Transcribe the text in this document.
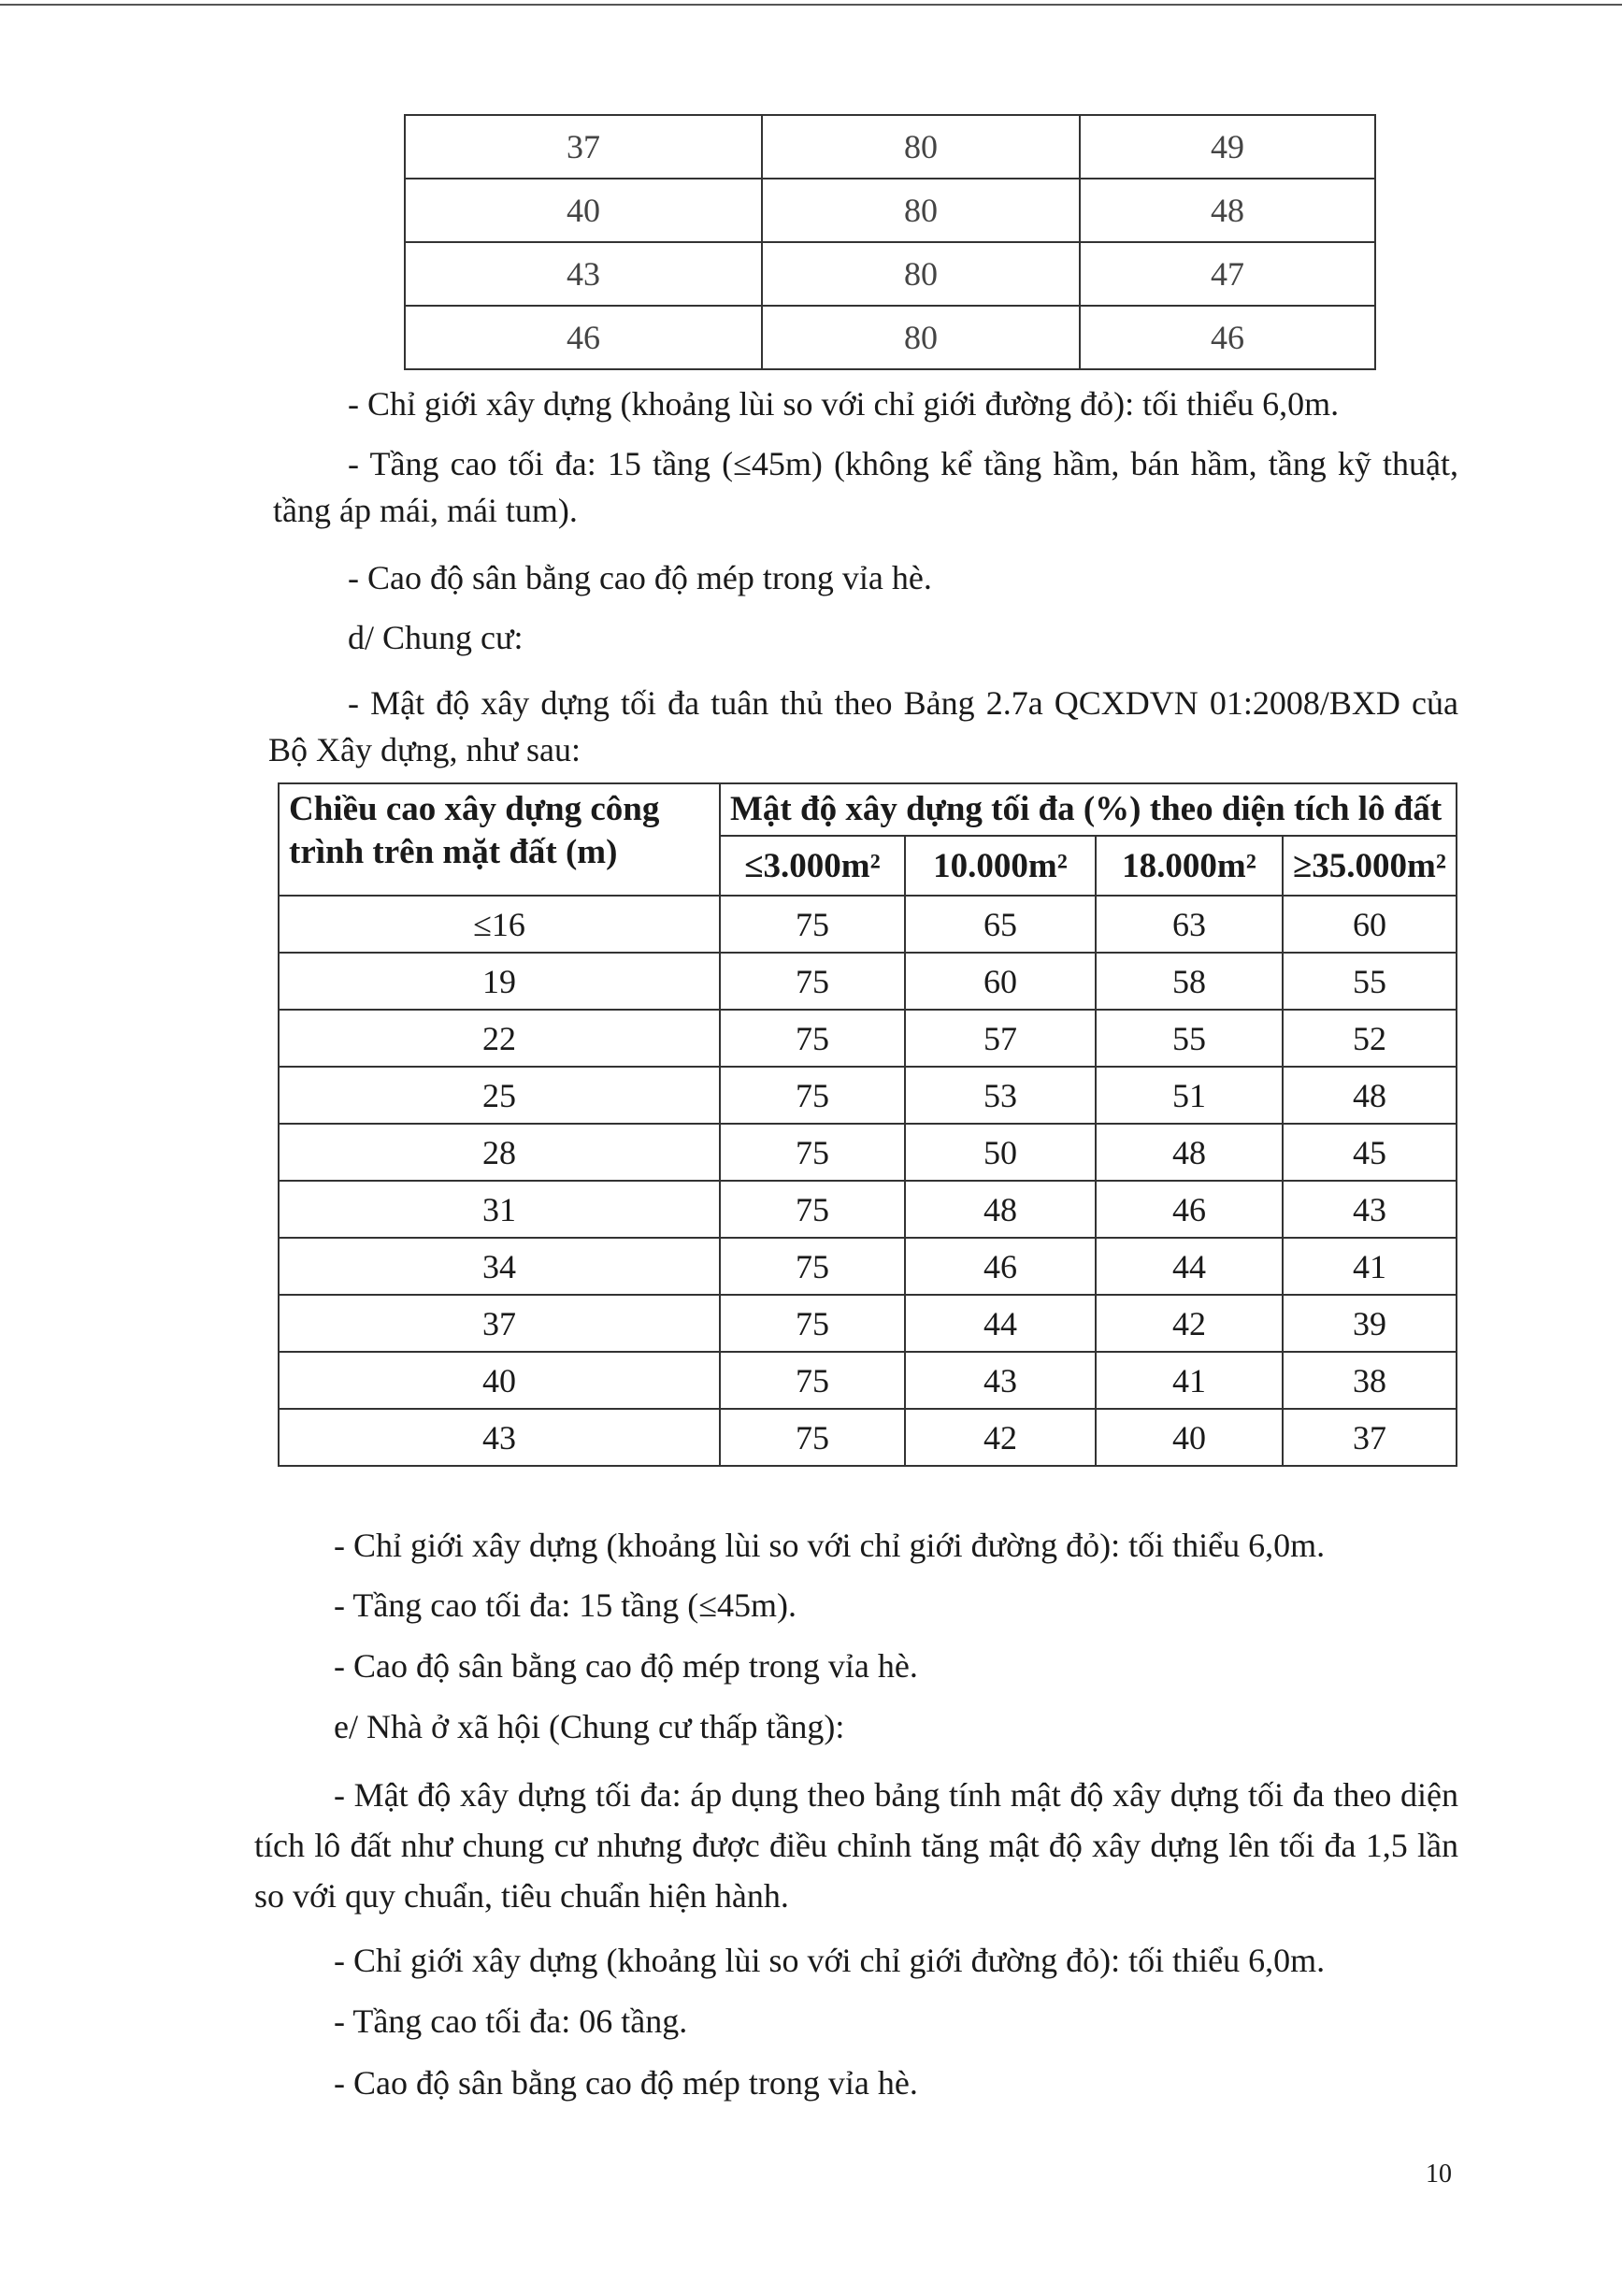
37	80	49
40	80	48
43	80	47
46	80	46

- Chỉ giới xây dựng (khoảng lùi so với chỉ giới đường đỏ): tối thiểu 6,0m.

- Tầng cao tối đa: 15 tầng (≤45m) (không kể tầng hầm, bán hầm, tầng kỹ thuật, tầng áp mái, mái tum).

- Cao độ sân bằng cao độ mép trong vỉa hè.

d/ Chung cư:

- Mật độ xây dựng tối đa tuân thủ theo Bảng 2.7a QCXDVN 01:2008/BXD của Bộ Xây dựng, như sau:

Chiều cao xây dựng công trình trên mặt đất (m)	Mật độ xây dựng tối đa (%) theo diện tích lô đất			
	≤3.000m²	10.000m²	18.000m²	≥35.000m²
≤16	75	65	63	60
19	75	60	58	55
22	75	57	55	52
25	75	53	51	48
28	75	50	48	45
31	75	48	46	43
34	75	46	44	41
37	75	44	42	39
40	75	43	41	38
43	75	42	40	37

- Chỉ giới xây dựng (khoảng lùi so với chỉ giới đường đỏ): tối thiểu 6,0m.

- Tầng cao tối đa: 15 tầng (≤45m).

- Cao độ sân bằng cao độ mép trong vỉa hè.

e/ Nhà ở xã hội (Chung cư thấp tầng):

- Mật độ xây dựng tối đa: áp dụng theo bảng tính mật độ xây dựng tối đa theo diện tích lô đất như chung cư nhưng được điều chỉnh tăng mật độ xây dựng lên tối đa 1,5 lần so với quy chuẩn, tiêu chuẩn hiện hành.

- Chỉ giới xây dựng (khoảng lùi so với chỉ giới đường đỏ): tối thiểu 6,0m.

- Tầng cao tối đa: 06 tầng.

- Cao độ sân bằng cao độ mép trong vỉa hè.

10
